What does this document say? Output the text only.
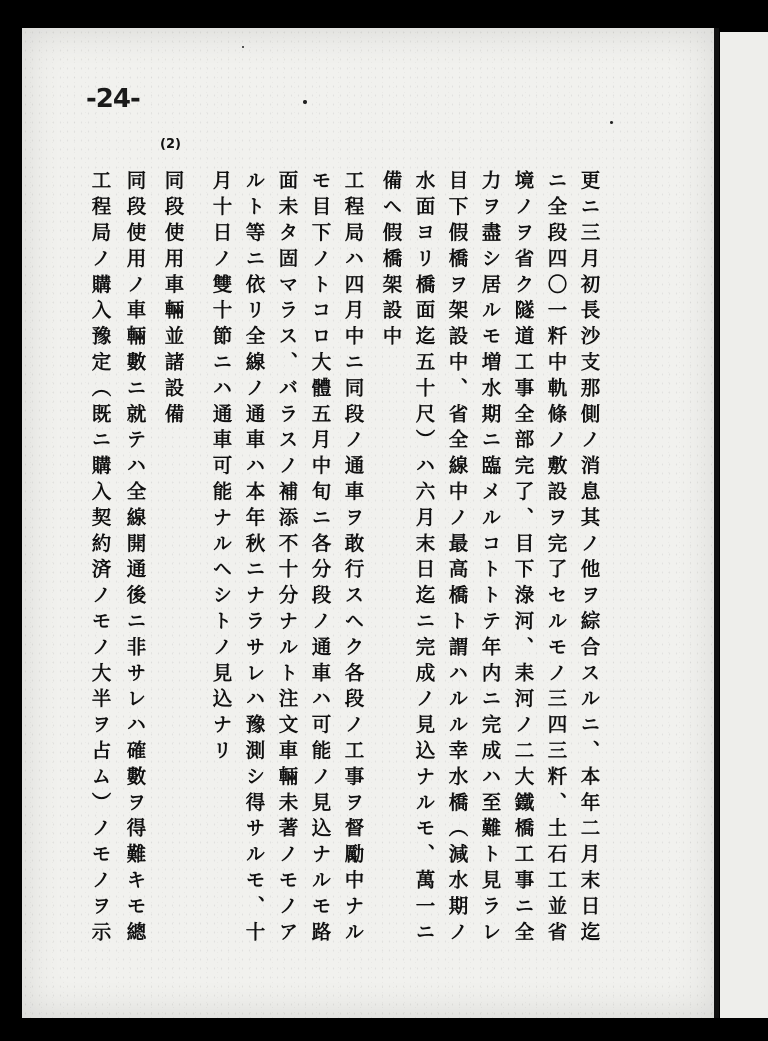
-24-
(2)
更ニ三月初長沙支那側ノ消息其ノ他ヲ綜合スルニ、本年二月末日迄
ニ全段四〇一粁中軌條ノ敷設ヲ完了セルモノ三四三粁、土石工並省
境ノヲ省ク隧道工事全部完了、目下淥河、耒河ノ二大鐵橋工事ニ全
力ヲ盡シ居ルモ増水期ニ臨メルコトトテ年内ニ完成ハ至難ト見ラレ
目下假橋ヲ架設中、省全線中ノ最高橋ト謂ハルル幸水橋（減水期ノ
水面ヨリ橋面迄五十尺）ハ六月末日迄ニ完成ノ見込ナルモ、萬一ニ
備ヘ假橋架設中
工程局ハ四月中ニ同段ノ通車ヲ敢行スヘク各段ノ工事ヲ督勵中ナル
モ目下ノトコロ大體五月中旬ニ各分段ノ通車ハ可能ノ見込ナルモ路
面未タ固マラス、バラスノ補添不十分ナルト注文車輛未著ノモノア
ルト等ニ依リ全線ノ通車ハ本年秋ニナラサレハ豫測シ得サルモ、十
月十日ノ雙十節ニハ通車可能ナルヘシトノ見込ナリ
同段使用車輛並諸設備
同段使用ノ車輛數ニ就テハ全線開通後ニ非サレハ確數ヲ得難キモ總
工程局ノ購入豫定（既ニ購入契約済ノモノ大半ヲ占ム）ノモノヲ示
